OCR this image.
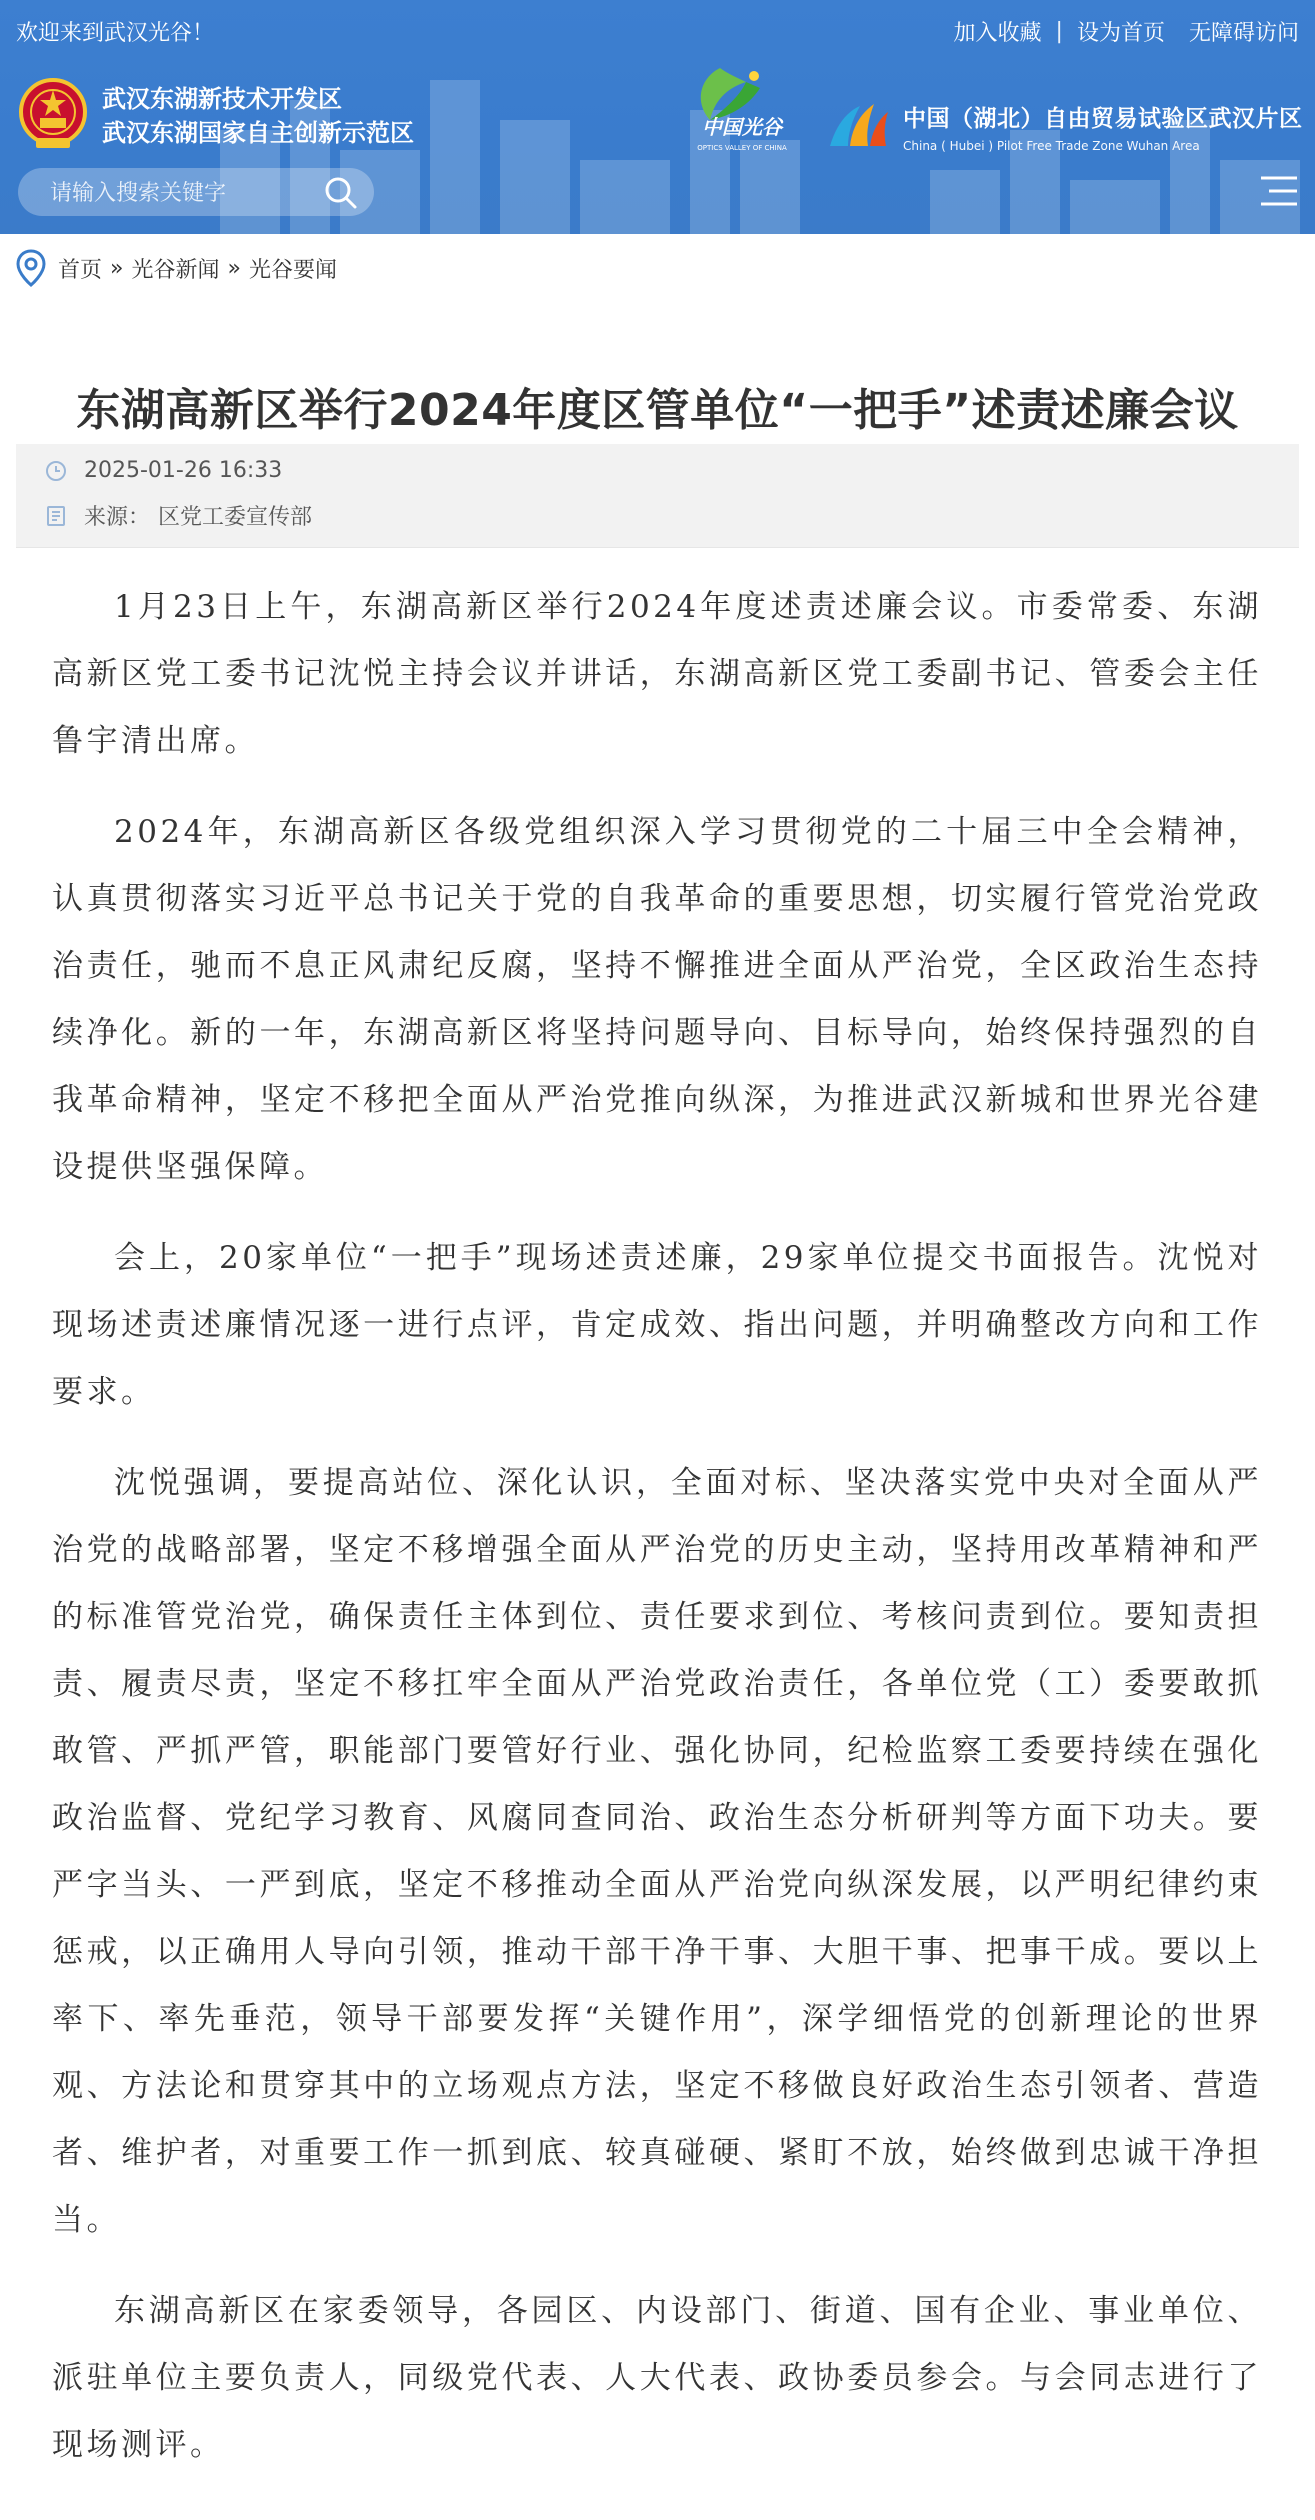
欢迎来到武汉光谷！	加入收藏 | 设为首页 无障碍访问
武汉东湖新技术开发区
武汉东湖国家自主创新示范区	中国光谷
OPTICS VALLEY OF CHINA
中国（湖北）自由贸易试验区武汉片区
China ( Hubei ) Pilot Free Trade Zone Wuhan Area
请输入搜索关键字
首页 » 光谷新闻 » 光谷要闻
东湖高新区举行2024年度区管单位“一把手”述责述廉会议
2025-01-26 16:33
来源： 区党工委宣传部

1月23日上午，东湖高新区举行2024年度述责述廉会议。市委常委、东湖高新区党工委书记沈悦主持会议并讲话，东湖高新区党工委副书记、管委会主任鲁宇清出席。

2024年，东湖高新区各级党组织深入学习贯彻党的二十届三中全会精神，认真贯彻落实习近平总书记关于党的自我革命的重要思想，切实履行管党治党政治责任，驰而不息正风肃纪反腐，坚持不懈推进全面从严治党，全区政治生态持续净化。新的一年，东湖高新区将坚持问题导向、目标导向，始终保持强烈的自我革命精神，坚定不移把全面从严治党推向纵深，为推进武汉新城和世界光谷建设提供坚强保障。

会上，20家单位“一把手”现场述责述廉，29家单位提交书面报告。沈悦对现场述责述廉情况逐一进行点评，肯定成效、指出问题，并明确整改方向和工作要求。

沈悦强调，要提高站位、深化认识，全面对标、坚决落实党中央对全面从严治党的战略部署，坚定不移增强全面从严治党的历史主动，坚持用改革精神和严的标准管党治党，确保责任主体到位、责任要求到位、考核问责到位。要知责担责、履责尽责，坚定不移扛牢全面从严治党政治责任，各单位党（工）委要敢抓敢管、严抓严管，职能部门要管好行业、强化协同，纪检监察工委要持续在强化政治监督、党纪学习教育、风腐同查同治、政治生态分析研判等方面下功夫。要严字当头、一严到底，坚定不移推动全面从严治党向纵深发展，以严明纪律约束惩戒，以正确用人导向引领，推动干部干净干事、大胆干事、把事干成。要以上率下、率先垂范，领导干部要发挥“关键作用”，深学细悟党的创新理论的世界观、方法论和贯穿其中的立场观点方法，坚定不移做良好政治生态引领者、营造者、维护者，对重要工作一抓到底、较真碰硬、紧盯不放，始终做到忠诚干净担当。

东湖高新区在家委领导，各园区、内设部门、街道、国有企业、事业单位、派驻单位主要负责人，同级党代表、人大代表、政协委员参会。与会同志进行了现场测评。
